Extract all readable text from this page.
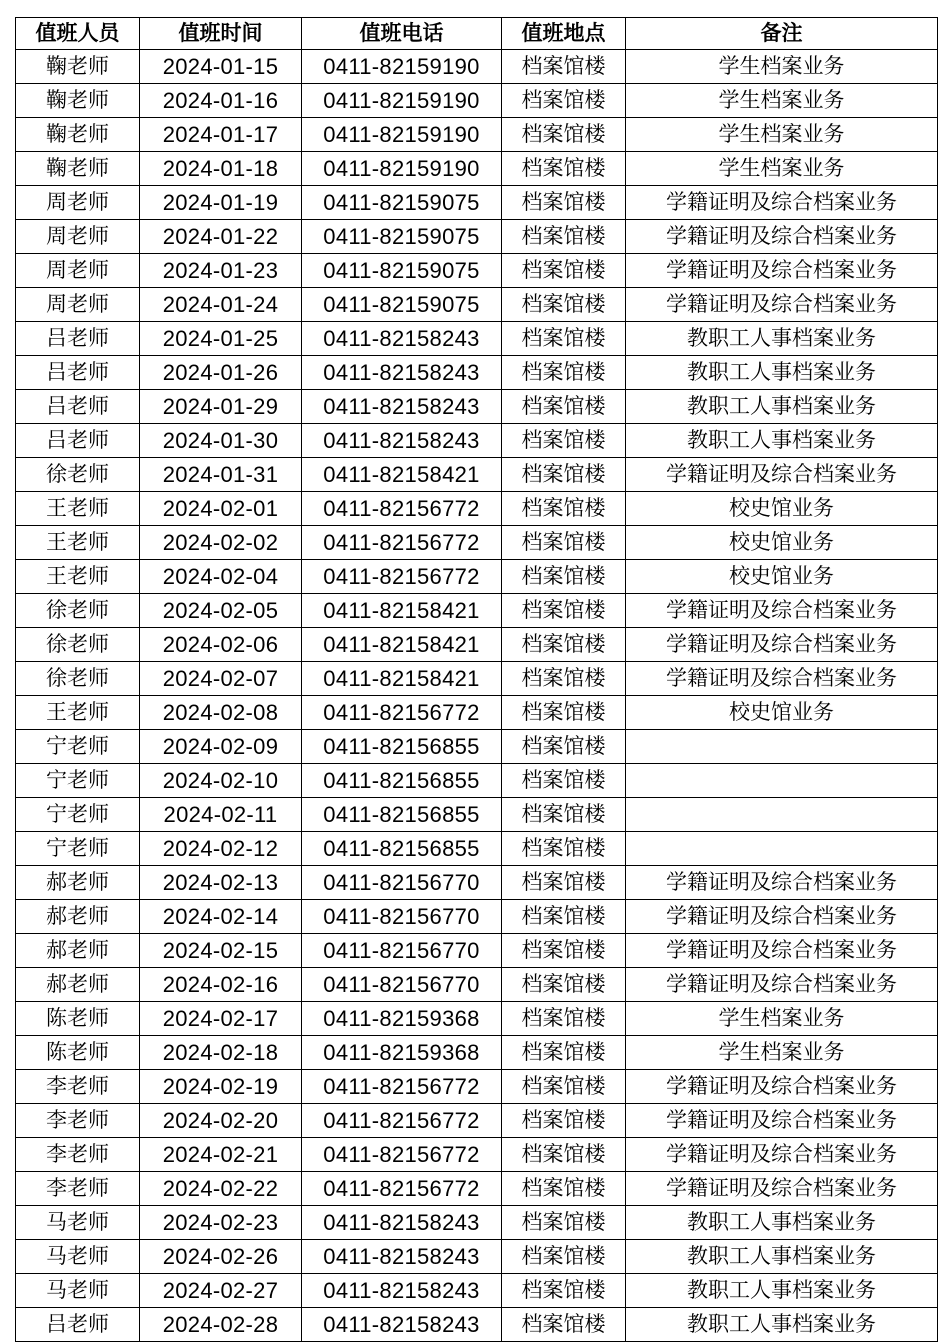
值班人员	值班时间	值班电话	值班地点	备注
鞠老师	2024-01-15	0411-82159190	档案馆楼	学生档案业务
鞠老师	2024-01-16	0411-82159190	档案馆楼	学生档案业务
鞠老师	2024-01-17	0411-82159190	档案馆楼	学生档案业务
鞠老师	2024-01-18	0411-82159190	档案馆楼	学生档案业务
周老师	2024-01-19	0411-82159075	档案馆楼	学籍证明及综合档案业务
周老师	2024-01-22	0411-82159075	档案馆楼	学籍证明及综合档案业务
周老师	2024-01-23	0411-82159075	档案馆楼	学籍证明及综合档案业务
周老师	2024-01-24	0411-82159075	档案馆楼	学籍证明及综合档案业务
吕老师	2024-01-25	0411-82158243	档案馆楼	教职工人事档案业务
吕老师	2024-01-26	0411-82158243	档案馆楼	教职工人事档案业务
吕老师	2024-01-29	0411-82158243	档案馆楼	教职工人事档案业务
吕老师	2024-01-30	0411-82158243	档案馆楼	教职工人事档案业务
徐老师	2024-01-31	0411-82158421	档案馆楼	学籍证明及综合档案业务
王老师	2024-02-01	0411-82156772	档案馆楼	校史馆业务
王老师	2024-02-02	0411-82156772	档案馆楼	校史馆业务
王老师	2024-02-04	0411-82156772	档案馆楼	校史馆业务
徐老师	2024-02-05	0411-82158421	档案馆楼	学籍证明及综合档案业务
徐老师	2024-02-06	0411-82158421	档案馆楼	学籍证明及综合档案业务
徐老师	2024-02-07	0411-82158421	档案馆楼	学籍证明及综合档案业务
王老师	2024-02-08	0411-82156772	档案馆楼	校史馆业务
宁老师	2024-02-09	0411-82156855	档案馆楼	
宁老师	2024-02-10	0411-82156855	档案馆楼	
宁老师	2024-02-11	0411-82156855	档案馆楼	
宁老师	2024-02-12	0411-82156855	档案馆楼	
郝老师	2024-02-13	0411-82156770	档案馆楼	学籍证明及综合档案业务
郝老师	2024-02-14	0411-82156770	档案馆楼	学籍证明及综合档案业务
郝老师	2024-02-15	0411-82156770	档案馆楼	学籍证明及综合档案业务
郝老师	2024-02-16	0411-82156770	档案馆楼	学籍证明及综合档案业务
陈老师	2024-02-17	0411-82159368	档案馆楼	学生档案业务
陈老师	2024-02-18	0411-82159368	档案馆楼	学生档案业务
李老师	2024-02-19	0411-82156772	档案馆楼	学籍证明及综合档案业务
李老师	2024-02-20	0411-82156772	档案馆楼	学籍证明及综合档案业务
李老师	2024-02-21	0411-82156772	档案馆楼	学籍证明及综合档案业务
李老师	2024-02-22	0411-82156772	档案馆楼	学籍证明及综合档案业务
马老师	2024-02-23	0411-82158243	档案馆楼	教职工人事档案业务
马老师	2024-02-26	0411-82158243	档案馆楼	教职工人事档案业务
马老师	2024-02-27	0411-82158243	档案馆楼	教职工人事档案业务
吕老师	2024-02-28	0411-82158243	档案馆楼	教职工人事档案业务
